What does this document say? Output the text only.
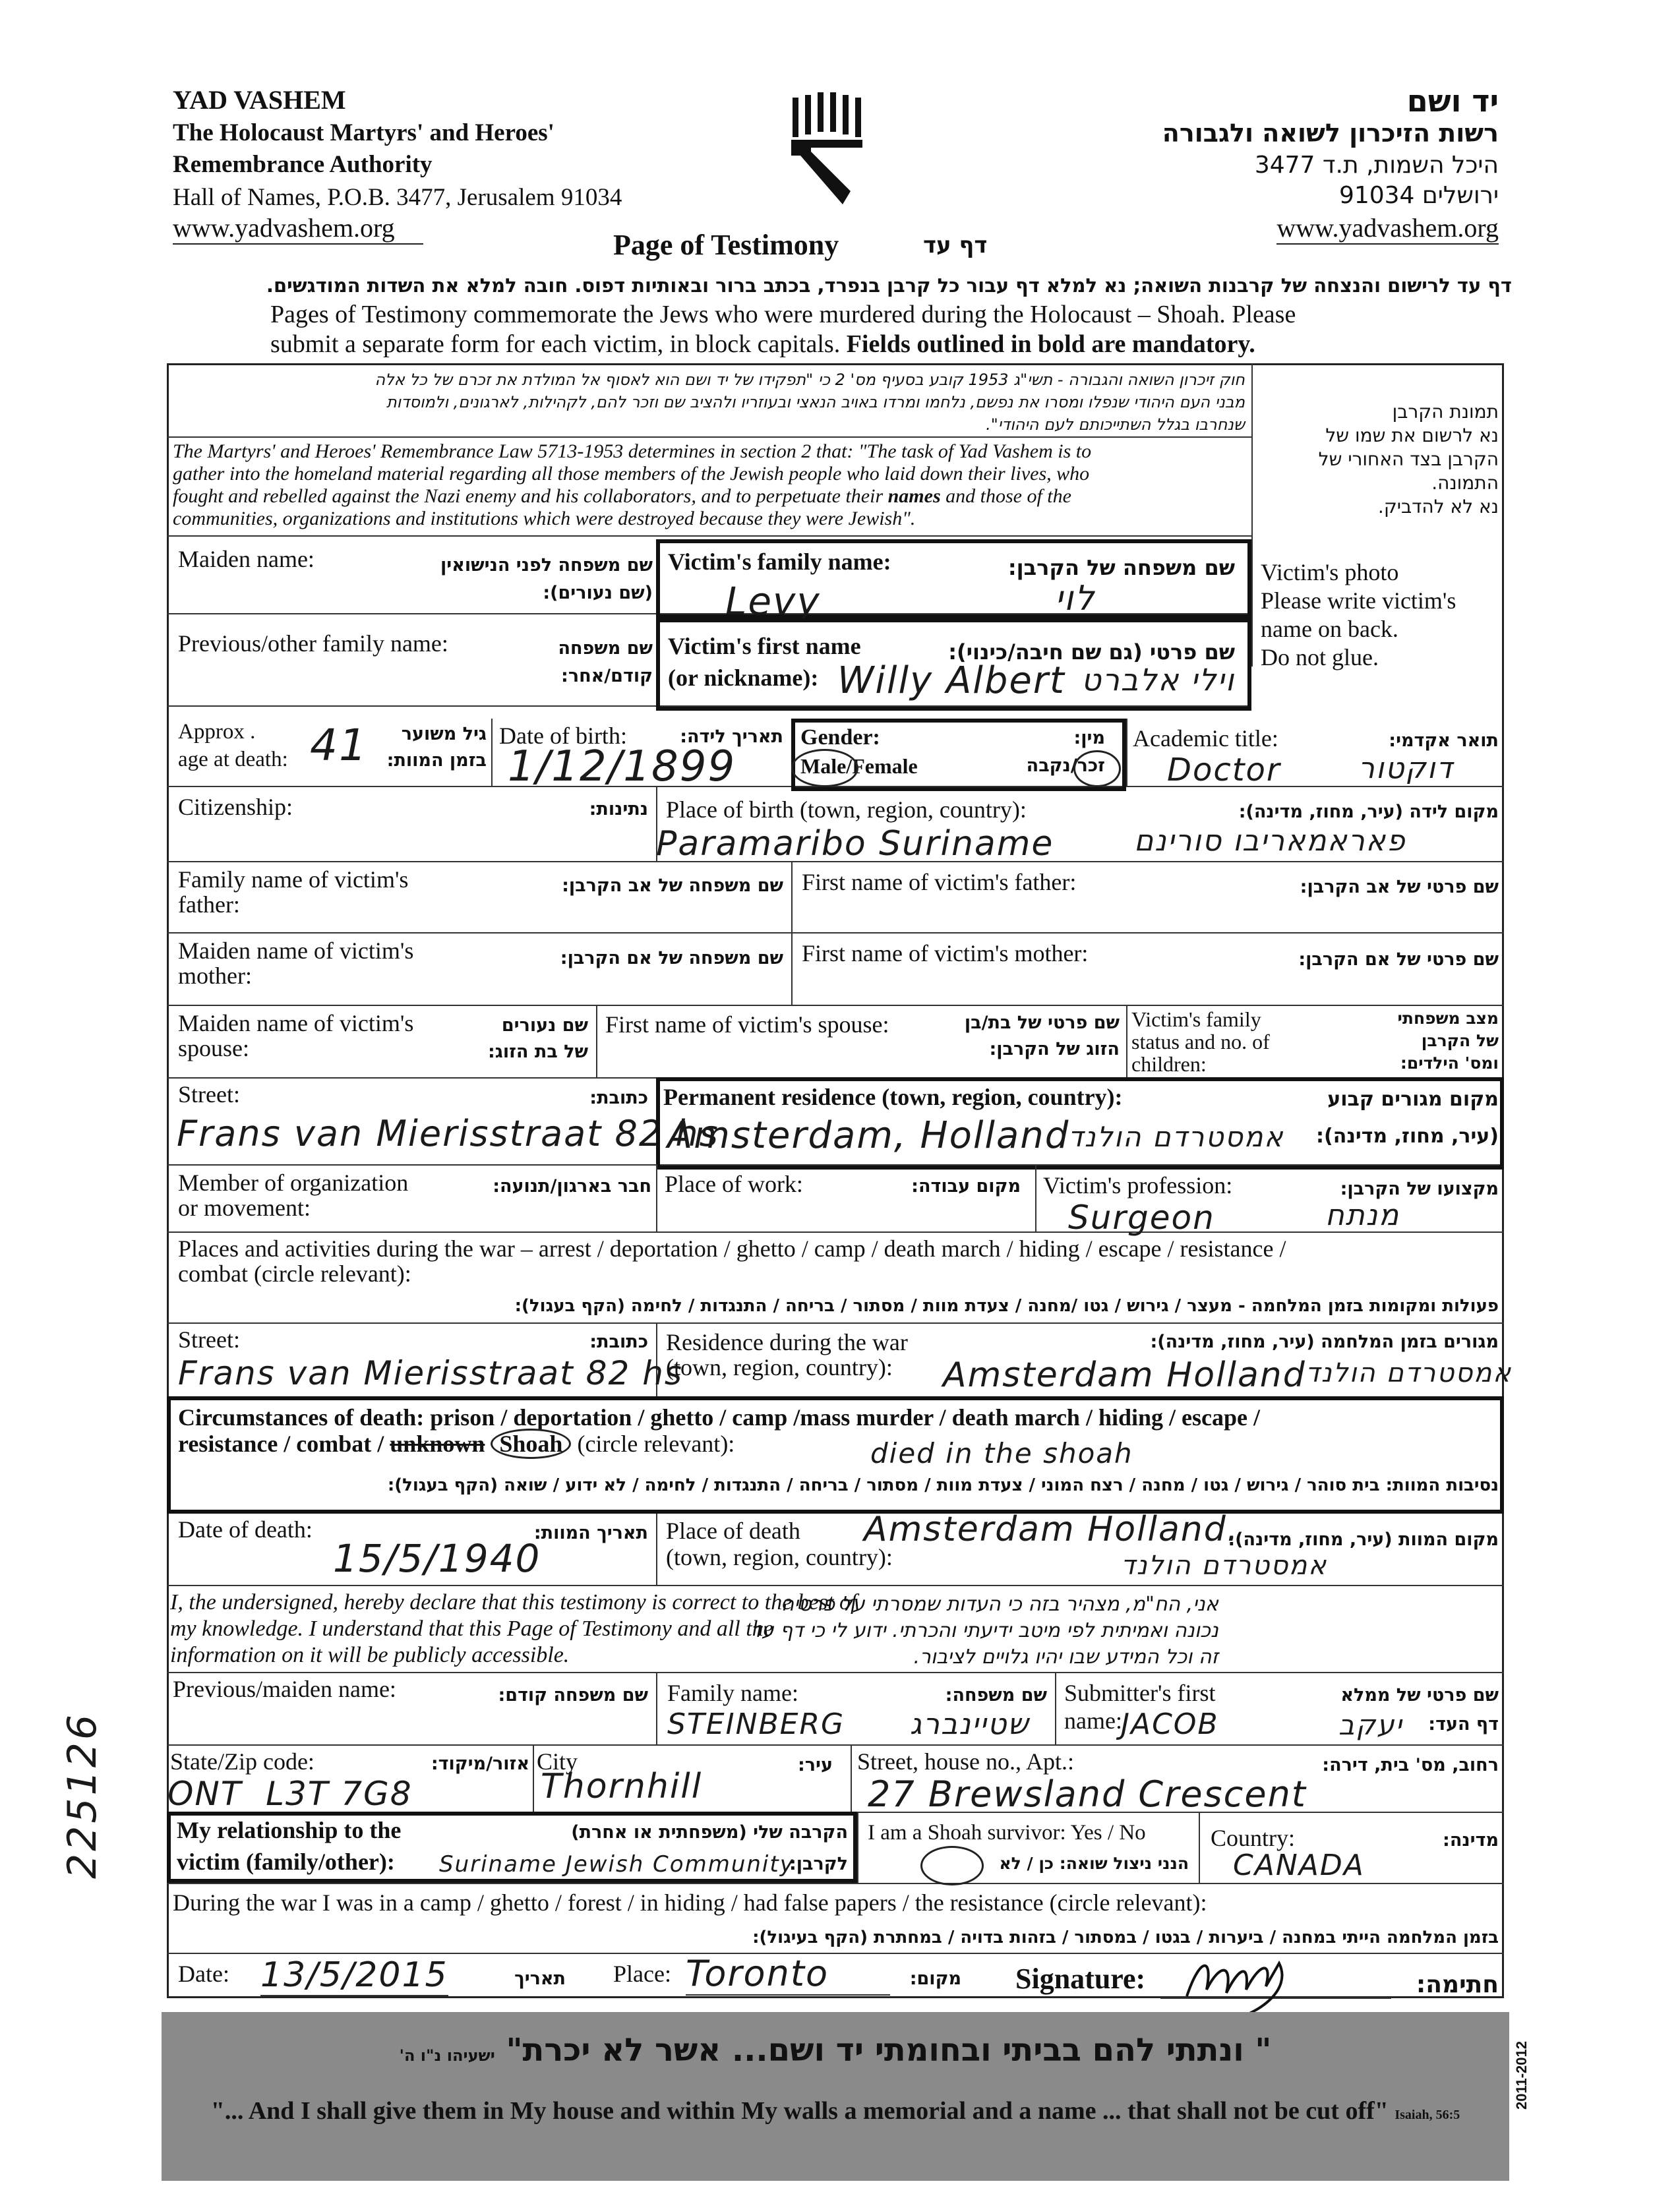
YAD VASHEM
The Holocaust Martyrs' and Heroes'
Remembrance Authority
Hall of Names, P.O.B. 3477, Jerusalem 91034
www.yadvashem.org
יד ושם
רשות הזיכרון לשואה ולגבורה
היכל השמות, ת.ד 3477
ירושלים 91034
www.yadvashem.org
Page of Testimony	דף עד
דף עד לרישום והנצחה של קרבנות השואה; נא למלא דף עבור כל קרבן בנפרד, בכתב ברור ובאותיות דפוס. חובה למלא את השדות המודגשים.
Pages of Testimony commemorate the Jews who were murdered during the Holocaust – Shoah. Please
submit a separate form for each victim, in block capitals. Fields outlined in bold are mandatory.
חוק זיכרון השואה והגבורה - תשי"ג 1953 קובע בסעיף מס' 2 כי "תפקידו של יד ושם הוא לאסוף אל המולדת את זכרם של כל אלה
מבני העם היהודי שנפלו ומסרו את נפשם, נלחמו ומרדו באויב הנאצי ובעוזריו ולהציב שם וזכר להם, לקהילות, לארגונים, ולמוסדות
שנחרבו בגלל השתייכותם לעם היהודי".
The Martyrs' and Heroes' Remembrance Law 5713-1953 determines in section 2 that: "The task of Yad Vashem is to
gather into the homeland material regarding all those members of the Jewish people who laid down their lives, who
fought and rebelled against the Nazi enemy and his collaborators, and to perpetuate their names and those of the
communities, organizations and institutions which were destroyed because they were Jewish".
תמונת הקרבן
נא לרשום את שמו של
הקרבן בצד האחורי של
התמונה.
נא לא להדביק.
Victim's photo
Please write victim's
name on back.
Do not glue.
Maiden name:	שם משפחה לפני הנישואין
(שם נעורים):
Victim's family name:	שם משפחה של הקרבן:
Levy	לוי
Previous/other family name:	שם משפחה
קודם/אחר:
Victim's first name
(or nickname):
שם פרטי (גם שם חיבה/כינוי):
Willy Albert וילי אלברט
Approx .
age at death:
גיל משוער
בזמן המוות:
41	Date of birth:	תאריך לידה:
1/12/1899
Gender:
Male/Female
מין:
זכר/נקבה
Academic title:	תואר אקדמי:
Doctor	דוקטור
Citizenship:	נתינות: Place of birth (town, region, country):	מקום לידה (עיר, מחוז, מדינה):
Paramaribo Suriname	פאראמאריבו סורינם
Family name of victim's
father:
שם משפחה של אב הקרבן: First name of victim's father:	שם פרטי של אב הקרבן:
Maiden name of victim's
mother:
שם משפחה של אם הקרבן: First name of victim's mother:	שם פרטי של אם הקרבן:
Maiden name of victim's
spouse:
שם נעורים
של בת הזוג:
First name of victim's spouse:	שם פרטי של בת/בן
הזוג של הקרבן:
Victim's family
status and no. of
children:
מצב משפחתי
של הקרבן
ומס' הילדים:
Street:	כתובת:
Frans van Mierisstraat 82 hs
Permanent residence (town, region, country):	מקום מגורים קבוע
(עיר, מחוז, מדינה):
Amsterdam, Holland
אמסטרדם הולנד
Member of organization
or movement:
חבר בארגון/תנועה: Place of work:	מקום עבודה: Victim's profession:	מקצועו של הקרבן:
Surgeon	מנתח
Places and activities during the war – arrest / deportation / ghetto / camp / death march / hiding / escape / resistance /
combat (circle relevant):
פעולות ומקומות בזמן המלחמה - מעצר / גירוש / גטו /מחנה / צעדת מוות / מסתור / בריחה / התנגדות / לחימה (הקף בעגול):
Street:	כתובת:
Frans van Mierisstraat 82 hs
Residence during the war
(town, region, country):
מגורים בזמן המלחמה (עיר, מחוז, מדינה):
Amsterdam Holland אמסטרדם הולנד
Circumstances of death: prison / deportation / ghetto / camp /mass murder / death march / hiding / escape /
resistance / combat / unknown Shoah (circle relevant):	died in the shoah
נסיבות המוות: בית סוהר / גירוש / גטו / מחנה / רצח המוני / צעדת מוות / מסתור / בריחה / התנגדות / לחימה / לא ידוע / שואה (הקף בעגול):
Date of death:	תאריך המוות:
15/5/1940
Place of death
(town, region, country):
מקום המוות (עיר, מחוז, מדינה):
Amsterdam Holland.
אמסטרדם הולנד
I, the undersigned, hereby declare that this testimony is correct to the best of
my knowledge. I understand that this Page of Testimony and all the
information on it will be publicly accessible.
אני, הח"מ, מצהיר בזה כי העדות שמסרתי על פרטיה
נכונה ואמיתית לפי מיטב ידיעתי והכרתי. ידוע לי כי דף עד
זה וכל המידע שבו יהיו גלויים לציבור.
Previous/maiden name:	שם משפחה קודם: Family name:	שם משפחה:
STEINBERG שטיינברג
Submitter's first
name:
שם פרטי של ממלא
דף העד:
JACOB	יעקב
State/Zip code:	אזור/מיקוד:
ONT  L3T 7G8
City	עיר:
Thornhill
Street, house no., Apt.:	רחוב, מס' בית, דירה:
27 Brewsland Crescent
My relationship to the
victim (family/other):
הקרבה שלי (משפחתית או אחרת)
לקרבן:
Suriname Jewish Community
I am a Shoah survivor: Yes / No
הנני ניצול שואה: כן / לא
Country:	מדינה:
CANADA
During the war I was in a camp / ghetto / forest / in hiding / had false papers / the resistance (circle relevant):
בזמן המלחמה הייתי במחנה / ביערות / בגטו / במסתור / בזהות בדויה / במחתרת (הקף בעיגול):
Date: 13/5/2015	תאריך Place: Toronto	מקום: Signature:	חתימה:
" ונתתי להם בביתי ובחומתי יד ושם... אשר לא יכרת" ישעיהו נ"ו ה'
"... And I shall give them in My house and within My walls a memorial and a name ... that shall not be cut off" Isaiah, 56:5
225126
2011-2012
